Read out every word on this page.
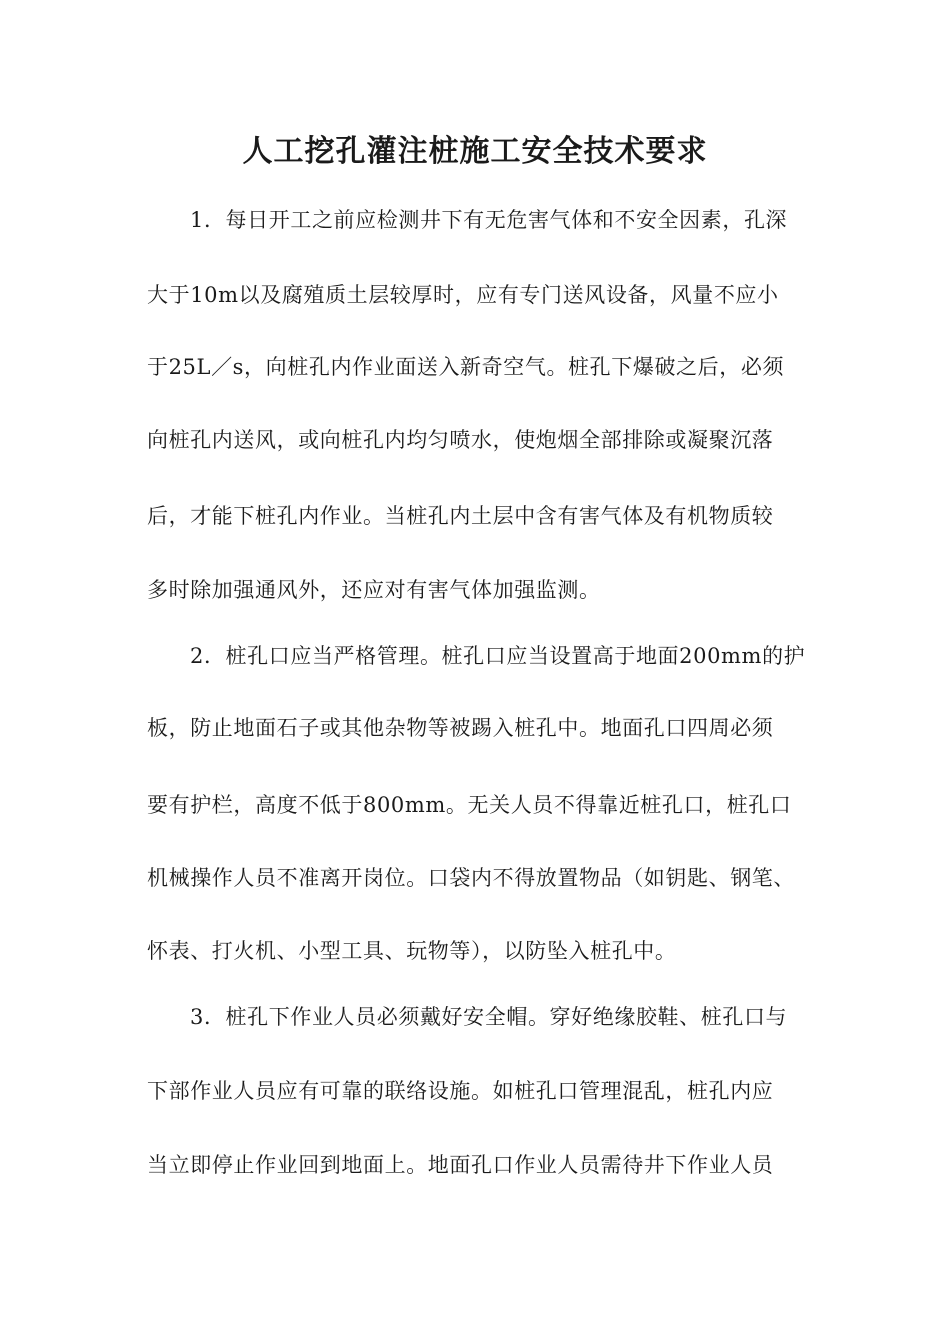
人工挖孔灌注桩施工安全技术要求
1．每日开工之前应检测井下有无危害气体和不安全因素，孔深
大于10m以及腐殖质土层较厚时，应有专门送风设备，风量不应小
于25L／s，向桩孔内作业面送入新奇空气。桩孔下爆破之后，必须
向桩孔内送风，或向桩孔内均匀喷水，使炮烟全部排除或凝聚沉落
后，才能下桩孔内作业。当桩孔内土层中含有害气体及有机物质较
多时除加强通风外，还应对有害气体加强监测。
2．桩孔口应当严格管理。桩孔口应当设置高于地面200mm的护
板，防止地面石子或其他杂物等被踢入桩孔中。地面孔口四周必须
要有护栏，高度不低于800mm。无关人员不得靠近桩孔口，桩孔口
机械操作人员不准离开岗位。口袋内不得放置物品（如钥匙、钢笔、
怀表、打火机、小型工具、玩物等），以防坠入桩孔中。
3．桩孔下作业人员必须戴好安全帽。穿好绝缘胶鞋、桩孔口与
下部作业人员应有可靠的联络设施。如桩孔口管理混乱，桩孔内应
当立即停止作业回到地面上。地面孔口作业人员需待井下作业人员
